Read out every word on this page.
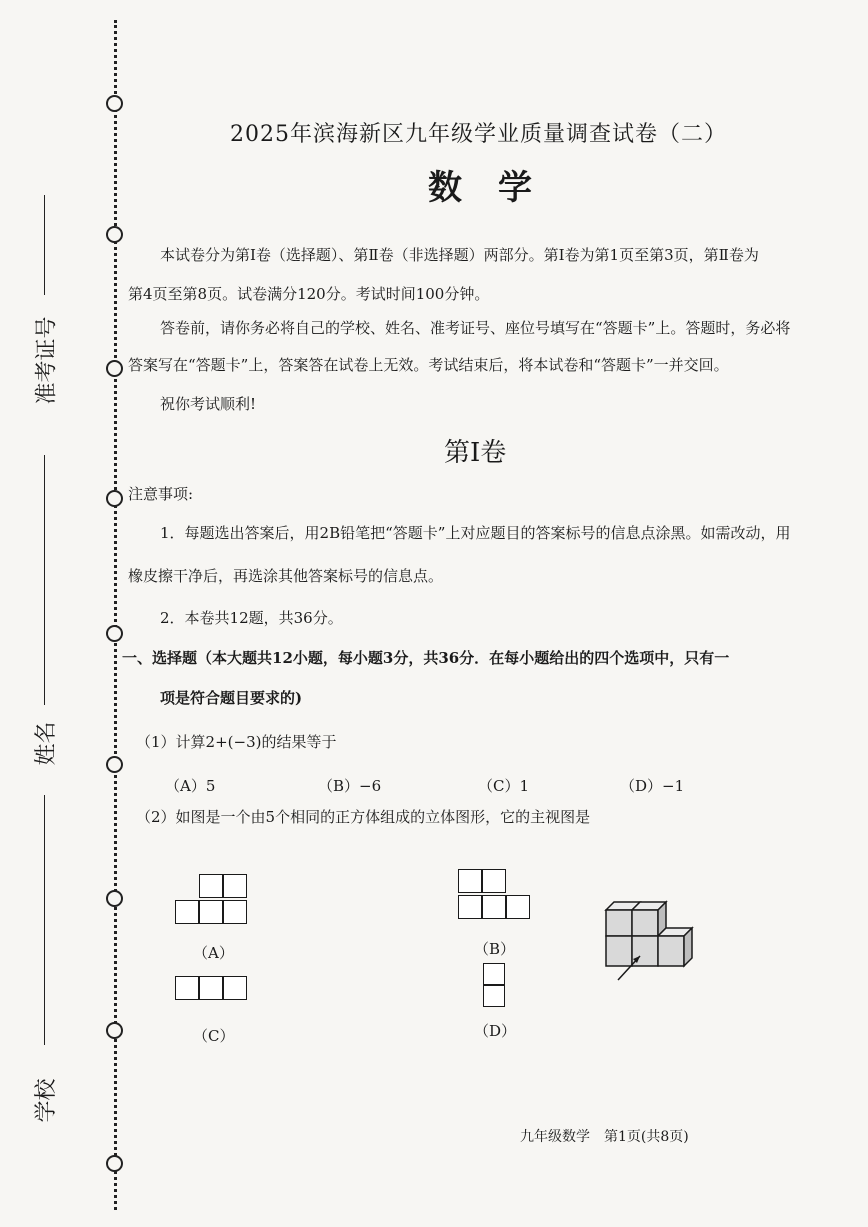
准考证号
姓名
学校
2025年滨海新区九年级学业质量调查试卷（二）
数学
本试卷分为第Ⅰ卷（选择题）、第Ⅱ卷（非选择题）两部分。第Ⅰ卷为第1页至第3页，第Ⅱ卷为
第4页至第8页。试卷满分120分。考试时间100分钟。
答卷前，请你务必将自己的学校、姓名、准考证号、座位号填写在“答题卡”上。答题时，务必将
答案写在“答题卡”上，答案答在试卷上无效。考试结束后，将本试卷和“答题卡”一并交回。
祝你考试顺利!
第Ⅰ卷
注意事项:
1．每题选出答案后，用2B铅笔把“答题卡”上对应题目的答案标号的信息点涂黑。如需改动，用
橡皮擦干净后，再选涂其他答案标号的信息点。
2．本卷共12题，共36分。
一、选择题（本大题共12小题，每小题3分，共36分．在每小题给出的四个选项中，只有一
项是符合题目要求的)
（1）计算2+(−3)的结果等于
（A）5	（B）−6	（C）1	（D）−1
（2）如图是一个由5个相同的正方体组成的立体图形，它的主视图是
（A）	（B）
（C）	（D）
九年级数学　第1页(共8页)
